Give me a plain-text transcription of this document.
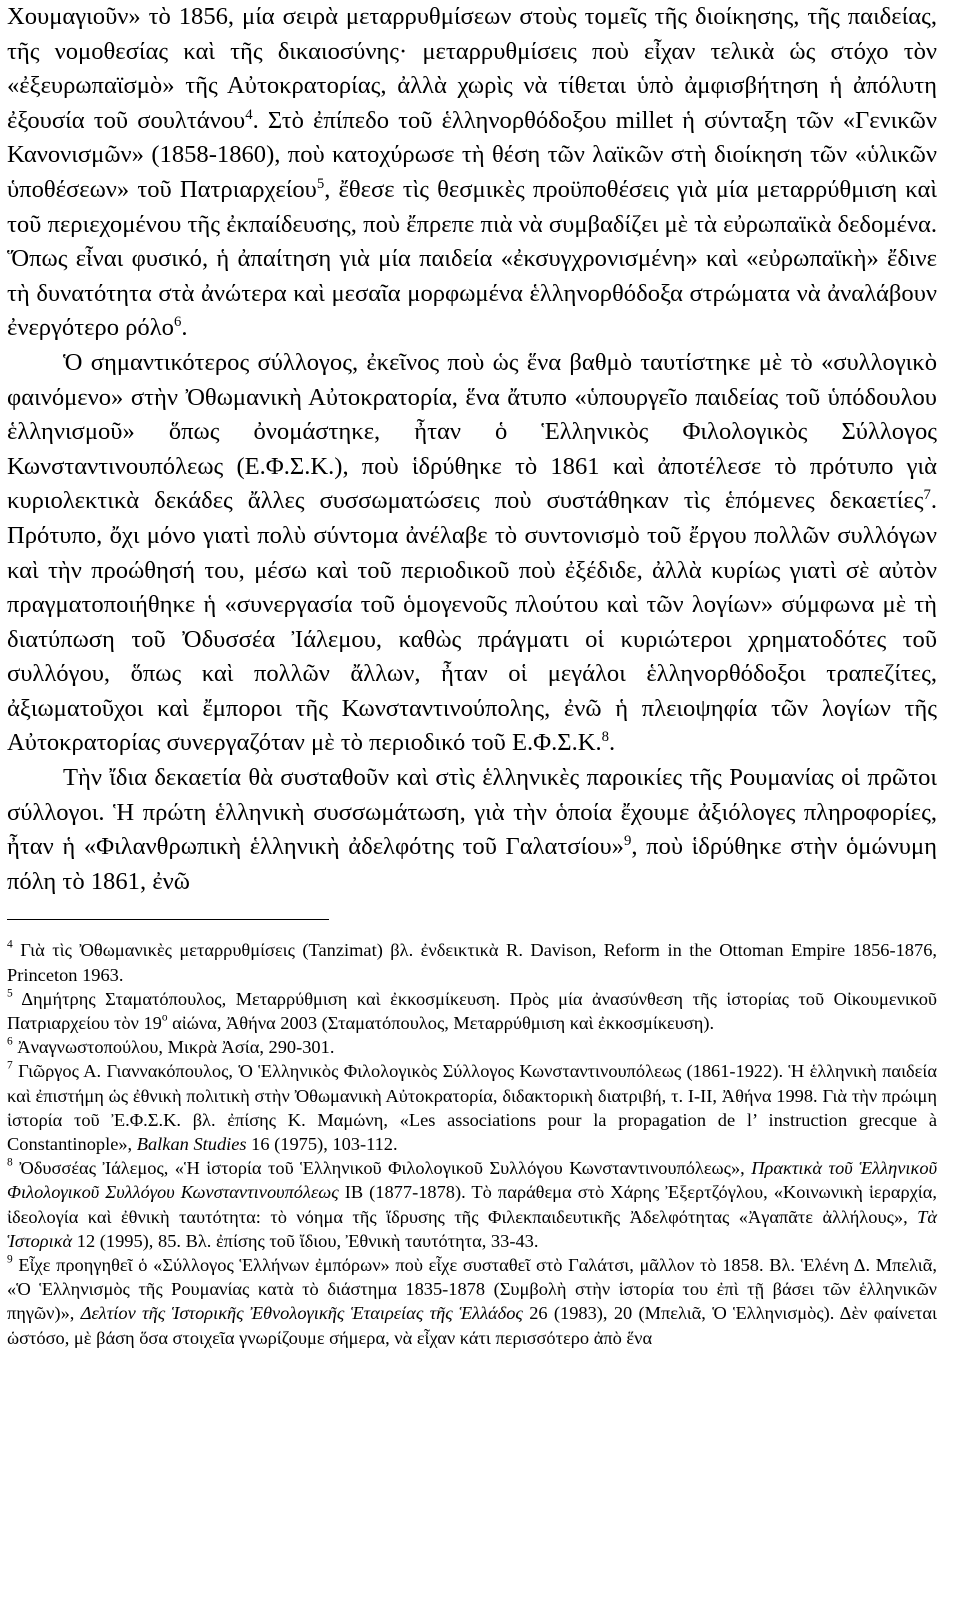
Χουμαγιοῦν» τὸ 1856, μία σειρὰ μεταρρυθμίσεων στοὺς τομεῖς τῆς διοίκησης, τῆς παιδείας, τῆς νομοθεσίας καὶ τῆς δικαιοσύνης· μεταρρυθμίσεις ποὺ εἶχαν τελικὰ ὡς στόχο τὸν «ἐξευρωπαϊσμὸ» τῆς Αὐτοκρατορίας, ἀλλὰ χωρὶς νὰ τίθεται ὑπὸ ἀμφισβήτηση ἡ ἀπόλυτη ἐξουσία τοῦ σουλτάνου$^4$. Στὸ ἐπίπεδο τοῦ ἑλληνορθόδοξου millet ἡ σύνταξη τῶν «Γενικῶν Κανονισμῶν» (1858-1860), ποὺ κατοχύρωσε τὴ θέση τῶν λαϊκῶν στὴ διοίκηση τῶν «ὑλικῶν ὑποθέσεων» τοῦ Πατριαρχείου$^5$, ἔθεσε τὶς θεσμικὲς προϋποθέσεις γιὰ μία μεταρρύθμιση καὶ τοῦ περιεχομένου τῆς ἐκπαίδευσης, ποὺ ἔπρεπε πιὰ νὰ συμβαδίζει μὲ τὰ εὐρωπαϊκὰ δεδομένα. Ὅπως εἶναι φυσικό, ἡ ἀπαίτηση γιὰ μία παιδεία «ἐκσυγχρονισμένη» καὶ «εὐρωπαϊκὴ» ἔδινε τὴ δυνατότητα στὰ ἀνώτερα καὶ μεσαῖα μορφωμένα ἑλληνορθόδοξα στρώματα νὰ ἀναλάβουν ἐνεργότερο ρόλο$^6$.

Ὁ σημαντικότερος σύλλογος, ἐκεῖνος ποὺ ὡς ἕνα βαθμὸ ταυτίστηκε μὲ τὸ «συλλογικὸ φαινόμενο» στὴν Ὀθωμανικὴ Αὐτοκρατορία, ἕνα ἄτυπο «ὑπουργεῖο παιδείας τοῦ ὑπόδουλου ἑλληνισμοῦ» ὅπως ὀνομάστηκε, ἦταν ὁ Ἑλληνικὸς Φιλολογικὸς Σύλλογος Κωνσταντινουπόλεως (Ε.Φ.Σ.Κ.), ποὺ ἱδρύθηκε τὸ 1861 καὶ ἀποτέλεσε τὸ πρότυπο γιὰ κυριολεκτικὰ δεκάδες ἄλλες συσσωματώσεις ποὺ συστάθηκαν τὶς ἑπόμενες δεκαετίες$^7$. Πρότυπο, ὄχι μόνο γιατὶ πολὺ σύντομα ἀνέλαβε τὸ συντονισμὸ τοῦ ἔργου πολλῶν συλλόγων καὶ τὴν προώθησή του, μέσω καὶ τοῦ περιοδικοῦ ποὺ ἐξέδιδε, ἀλλὰ κυρίως γιατὶ σὲ αὐτὸν πραγματοποιήθηκε ἡ «συνεργασία τοῦ ὁμογενοῦς πλούτου καὶ τῶν λογίων» σύμφωνα μὲ τὴ διατύπωση τοῦ Ὀδυσσέα Ἰάλεμου, καθὼς πράγματι οἱ κυριώτεροι χρηματοδότες τοῦ συλλόγου, ὅπως καὶ πολλῶν ἄλλων, ἦταν οἱ μεγάλοι ἑλληνορθόδοξοι τραπεζίτες, ἀξιωματοῦχοι καὶ ἔμποροι τῆς Κωνσταντινούπολης, ἐνῶ ἡ πλειοψηφία τῶν λογίων τῆς Αὐτοκρατορίας συνεργαζόταν μὲ τὸ περιοδικό τοῦ Ε.Φ.Σ.Κ.$^8$.

Τὴν ἴδια δεκαετία θὰ συσταθοῦν καὶ στὶς ἑλληνικὲς παροικίες τῆς Ρουμανίας οἱ πρῶτοι σύλλογοι. Ἡ πρώτη ἑλληνικὴ συσσωμάτωση, γιὰ τὴν ὁποία ἔχουμε ἀξιόλογες πληροφορίες, ἦταν ἡ «Φιλανθρωπικὴ ἑλληνικὴ ἀδελφότης τοῦ Γαλατσίου»$^9$, ποὺ ἱδρύθηκε στὴν ὁμώνυμη πόλη τὸ 1861, ἐνῶ

$^4$ Γιὰ τὶς Ὀθωμανικὲς μεταρρυθμίσεις (Tanzimat) βλ. ἐνδεικτικὰ R. Davison, Reform in the Ottoman Empire 1856-1876, Princeton 1963.
$^5$ Δημήτρης Σταματόπουλος, Μεταρρύθμιση καὶ ἐκκοσμίκευση. Πρὸς μία ἀνασύνθεση τῆς ἱστορίας τοῦ Οἰκουμενικοῦ Πατριαρχείου τὸν $19^o$ αἰώνα, Ἀθήνα 2003 (Σταματόπουλος, Μεταρρύθμιση καὶ ἐκκοσμίκευση).
$^6$ Ἀναγνωστοπούλου, Μικρὰ Ἀσία, 290-301.
$^7$ Γιῶργος Α. Γιαννακόπουλος, Ὁ Ἑλληνικὸς Φιλολογικὸς Σύλλογος Κωνσταντινουπόλεως (1861-1922). Ἡ ἑλληνικὴ παιδεία καὶ ἐπιστήμη ὡς ἐθνικὴ πολιτικὴ στὴν Ὀθωμανικὴ Αὐτοκρατορία, διδακτορικὴ διατριβή, τ. I-II, Ἀθήνα 1998. Γιὰ τὴν πρώιμη ἱστορία τοῦ Ἐ.Φ.Σ.Κ. βλ. ἐπίσης Κ. Μαμώνη, «Les associations pour la propagation de l’ instruction grecque à Constantinople», Balkan Studies 16 (1975), 103-112.
$^8$ Ὀδυσσέας Ἰάλεμος, «Ἡ ἱστορία τοῦ Ἑλληνικοῦ Φιλολογικοῦ Συλλόγου Κωνσταντινουπόλεως», Πρακτικὰ τοῦ Ἑλληνικοῦ Φιλολογικοῦ Συλλόγου Κωνσταντινουπόλεως ΙΒ (1877-1878). Τὸ παράθεμα στὸ Χάρης Ἐξερτζόγλου, «Κοινωνικὴ ἱεραρχία, ἰδεολογία καὶ ἐθνικὴ ταυτότητα: τὸ νόημα τῆς ἵδρυσης τῆς Φιλεκπαιδευτικῆς Ἀδελφότητας «Ἀγαπᾶτε ἀλλήλους», Τὰ Ἱστορικὰ 12 (1995), 85. Βλ. ἐπίσης τοῦ ἴδιου, Ἐθνικὴ ταυτότητα, 33-43.
$^9$ Εἶχε προηγηθεῖ ὁ «Σύλλογος Ἑλλήνων ἐμπόρων» ποὺ εἶχε συσταθεῖ στὸ Γαλάτσι, μᾶλλον τὸ 1858. Βλ. Ἑλένη Δ. Μπελιᾶ, «Ὁ Ἑλληνισμὸς τῆς Ρουμανίας κατὰ τὸ διάστημα 1835-1878 (Συμβολὴ στὴν ἱστορία του ἐπὶ τῇ βάσει τῶν ἑλληνικῶν πηγῶν)», Δελτίον τῆς Ἱστορικῆς Ἐθνολογικῆς Ἑταιρείας τῆς Ἑλλάδος 26 (1983), 20 (Μπελιᾶ, Ὁ Ἑλληνισμὸς). Δὲν φαίνεται ὡστόσο, μὲ βάση ὅσα στοιχεῖα γνωρίζουμε σήμερα, νὰ εἶχαν κάτι περισσότερο ἀπὸ ἕνα
